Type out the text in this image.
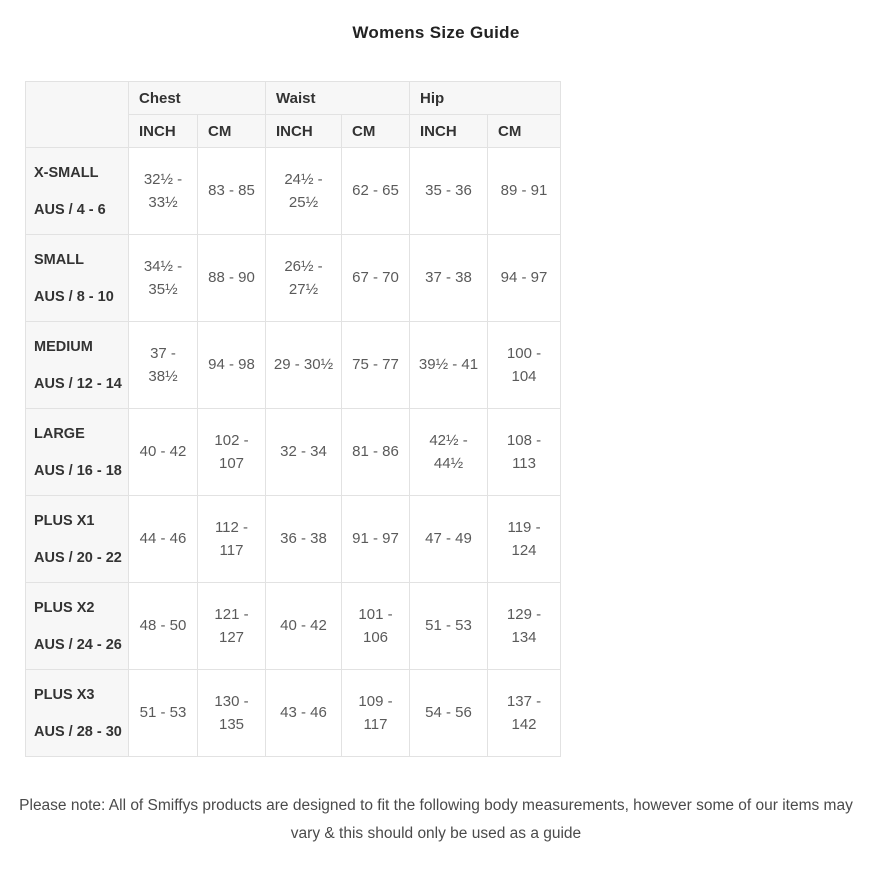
Womens Size Guide
	Chest		Waist		Hip	
	INCH	CM	INCH	CM	INCH	CM

X-SMALL

AUS / 4 - 6	32½ - 33½	83 - 85	24½ - 25½	62 - 65	35 - 36	89 - 91

SMALL

AUS / 8 - 10	34½ - 35½	88 - 90	26½ - 27½	67 - 70	37 - 38	94 - 97

MEDIUM

AUS / 12 - 14	37 - 38½	94 - 98	29 - 30½	75 - 77	39½ - 41	100 - 104

LARGE

AUS / 16 - 18	40 - 42	102 - 107	32 - 34	81 - 86	42½ - 44½	108 - 113

PLUS X1

AUS / 20 - 22	44 - 46	112 - 117	36 - 38	91 - 97	47 - 49	119 - 124

PLUS X2

AUS / 24 - 26	48 - 50	121 - 127	40 - 42	101 - 106	51 - 53	129 - 134

PLUS X3

AUS / 28 - 30	51 - 53	130 - 135	43 - 46	109 - 117	54 - 56	137 - 142
Please note: All of Smiffys products are designed to fit the following body measurements, however some of our items may vary & this should only be used as a guide
